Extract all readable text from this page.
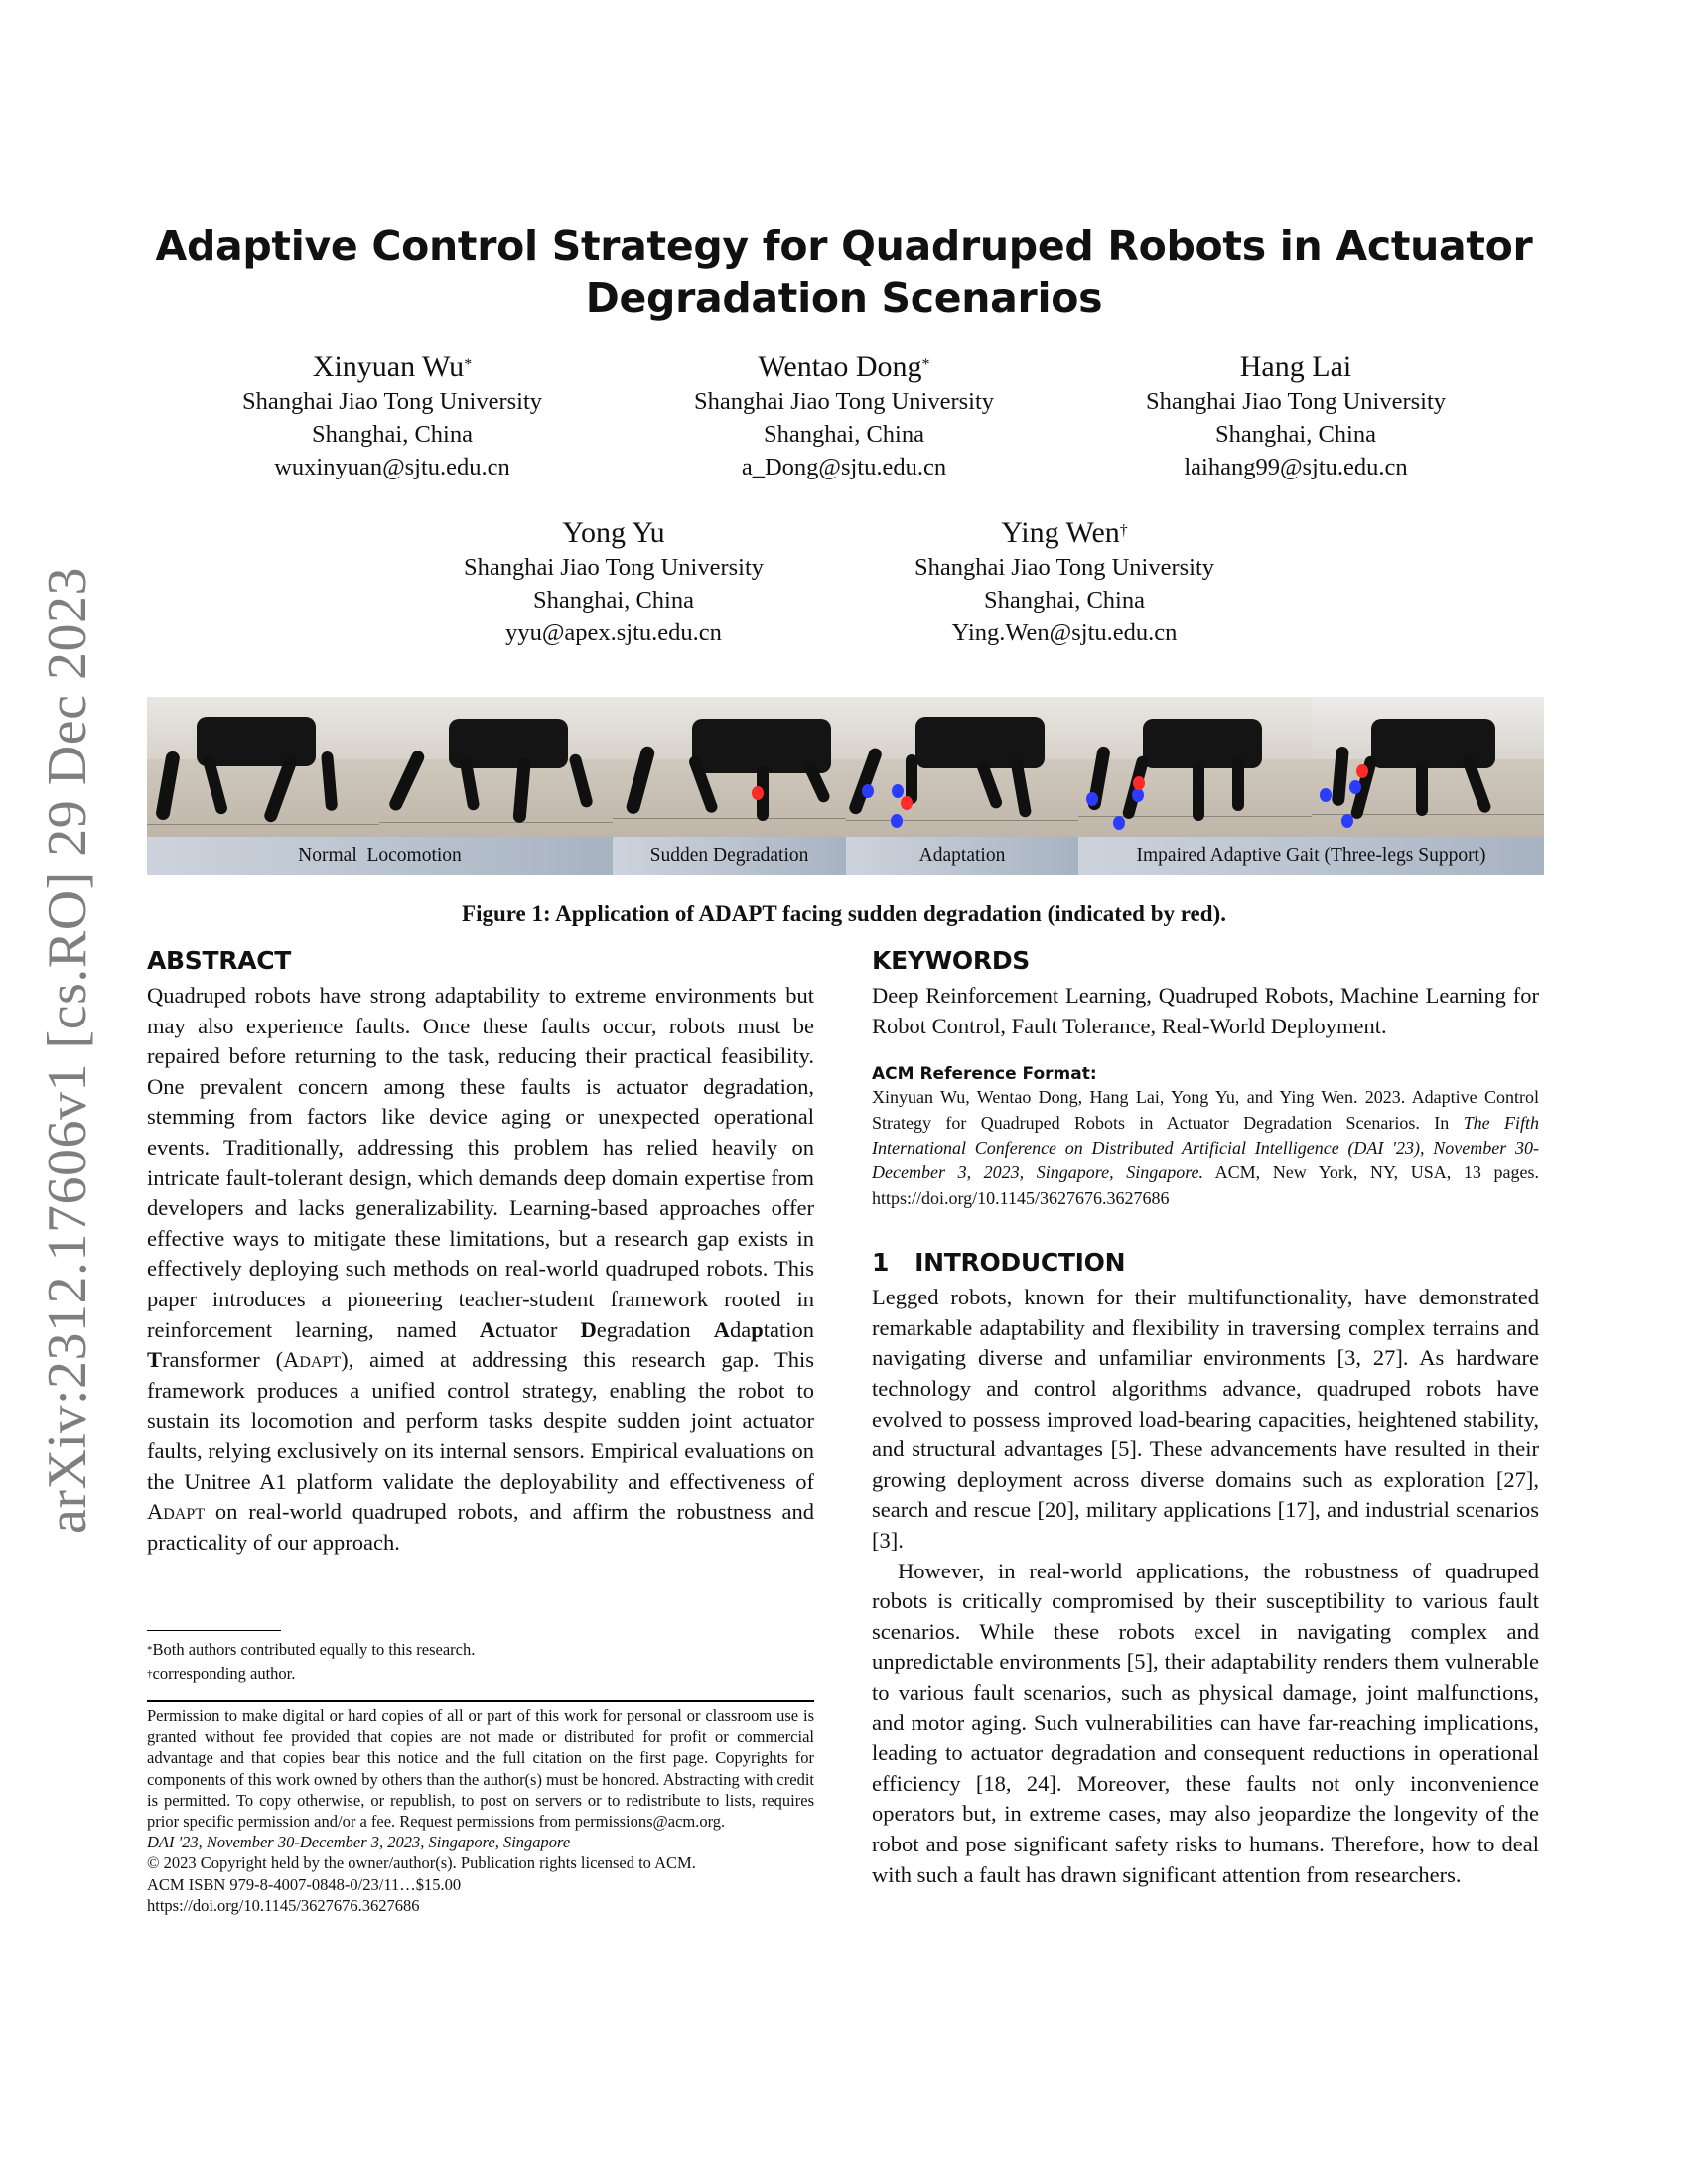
arXiv:2312.17606v1 [cs.RO] 29 Dec 2023
Adaptive Control Strategy for Quadruped Robots in Actuator
Degradation Scenarios
Xinyuan Wu*
Shanghai Jiao Tong University
Shanghai, China
wuxinyuan@sjtu.edu.cn
Wentao Dong*
Shanghai Jiao Tong University
Shanghai, China
a_Dong@sjtu.edu.cn
Hang Lai
Shanghai Jiao Tong University
Shanghai, China
laihang99@sjtu.edu.cn
Yong Yu
Shanghai Jiao Tong University
Shanghai, China
yyu@apex.sjtu.edu.cn
Ying Wen†
Shanghai Jiao Tong University
Shanghai, China
Ying.Wen@sjtu.edu.cn
Normal  Locomotion	Sudden Degradation	Adaptation	Impaired Adaptive Gait (Three-legs Support)
Figure 1: Application of ADAPT facing sudden degradation (indicated by red).
ABSTRACT

Quadruped robots have strong adaptability to extreme environments but may also experience faults. Once these faults occur, robots must be repaired before returning to the task, reducing their practical feasibility. One prevalent concern among these faults is actuator degradation, stemming from factors like device aging or unexpected operational events. Traditionally, addressing this problem has relied heavily on intricate fault-tolerant design, which demands deep domain expertise from developers and lacks generalizability. Learning-based approaches offer effective ways to mitigate these limitations, but a research gap exists in effectively deploying such methods on real-world quadruped robots. This paper introduces a pioneering teacher-student framework rooted in reinforcement learning, named Actuator Degradation Adaptation Transformer (Adapt), aimed at addressing this research gap. This framework produces a unified control strategy, enabling the robot to sustain its locomotion and perform tasks despite sudden joint actuator faults, relying exclusively on its internal sensors. Empirical evaluations on the Unitree A1 platform validate the deployability and effectiveness of Adapt on real-world quadruped robots, and affirm the robustness and practicality of our approach.

*Both authors contributed equally to this research.
†corresponding author.

Permission to make digital or hard copies of all or part of this work for personal or classroom use is granted without fee provided that copies are not made or distributed for profit or commercial advantage and that copies bear this notice and the full citation on the first page. Copyrights for components of this work owned by others than the author(s) must be honored. Abstracting with credit is permitted. To copy otherwise, or republish, to post on servers or to redistribute to lists, requires prior specific permission and/or a fee. Request permissions from permissions@acm.org.

DAI '23, November 30-December 3, 2023, Singapore, Singapore
© 2023 Copyright held by the owner/author(s). Publication rights licensed to ACM.
ACM ISBN 979-8-4007-0848-0/23/11…$15.00
https://doi.org/10.1145/3627676.3627686
KEYWORDS

Deep Reinforcement Learning, Quadruped Robots, Machine Learning for Robot Control, Fault Tolerance, Real-World Deployment.

ACM Reference Format:

Xinyuan Wu, Wentao Dong, Hang Lai, Yong Yu, and Ying Wen. 2023. Adaptive Control Strategy for Quadruped Robots in Actuator Degradation Scenarios. In The Fifth International Conference on Distributed Artificial Intelligence (DAI '23), November 30-December 3, 2023, Singapore, Singapore. ACM, New York, NY, USA, 13 pages. https://doi.org/10.1145/3627676.3627686

1 INTRODUCTION

Legged robots, known for their multifunctionality, have demonstrated remarkable adaptability and flexibility in traversing complex terrains and navigating diverse and unfamiliar environments [3, 27]. As hardware technology and control algorithms advance, quadruped robots have evolved to possess improved load-bearing capacities, heightened stability, and structural advantages [5]. These advancements have resulted in their growing deployment across diverse domains such as exploration [27], search and rescue [20], military applications [17], and industrial scenarios [3].

However, in real-world applications, the robustness of quadruped robots is critically compromised by their susceptibility to various fault scenarios. While these robots excel in navigating complex and unpredictable environments [5], their adaptability renders them vulnerable to various fault scenarios, such as physical damage, joint malfunctions, and motor aging. Such vulnerabilities can have far-reaching implications, leading to actuator degradation and consequent reductions in operational efficiency [18, 24]. Moreover, these faults not only inconvenience operators but, in extreme cases, may also jeopardize the longevity of the robot and pose significant safety risks to humans. Therefore, how to deal with such a fault has drawn significant attention from researchers.
